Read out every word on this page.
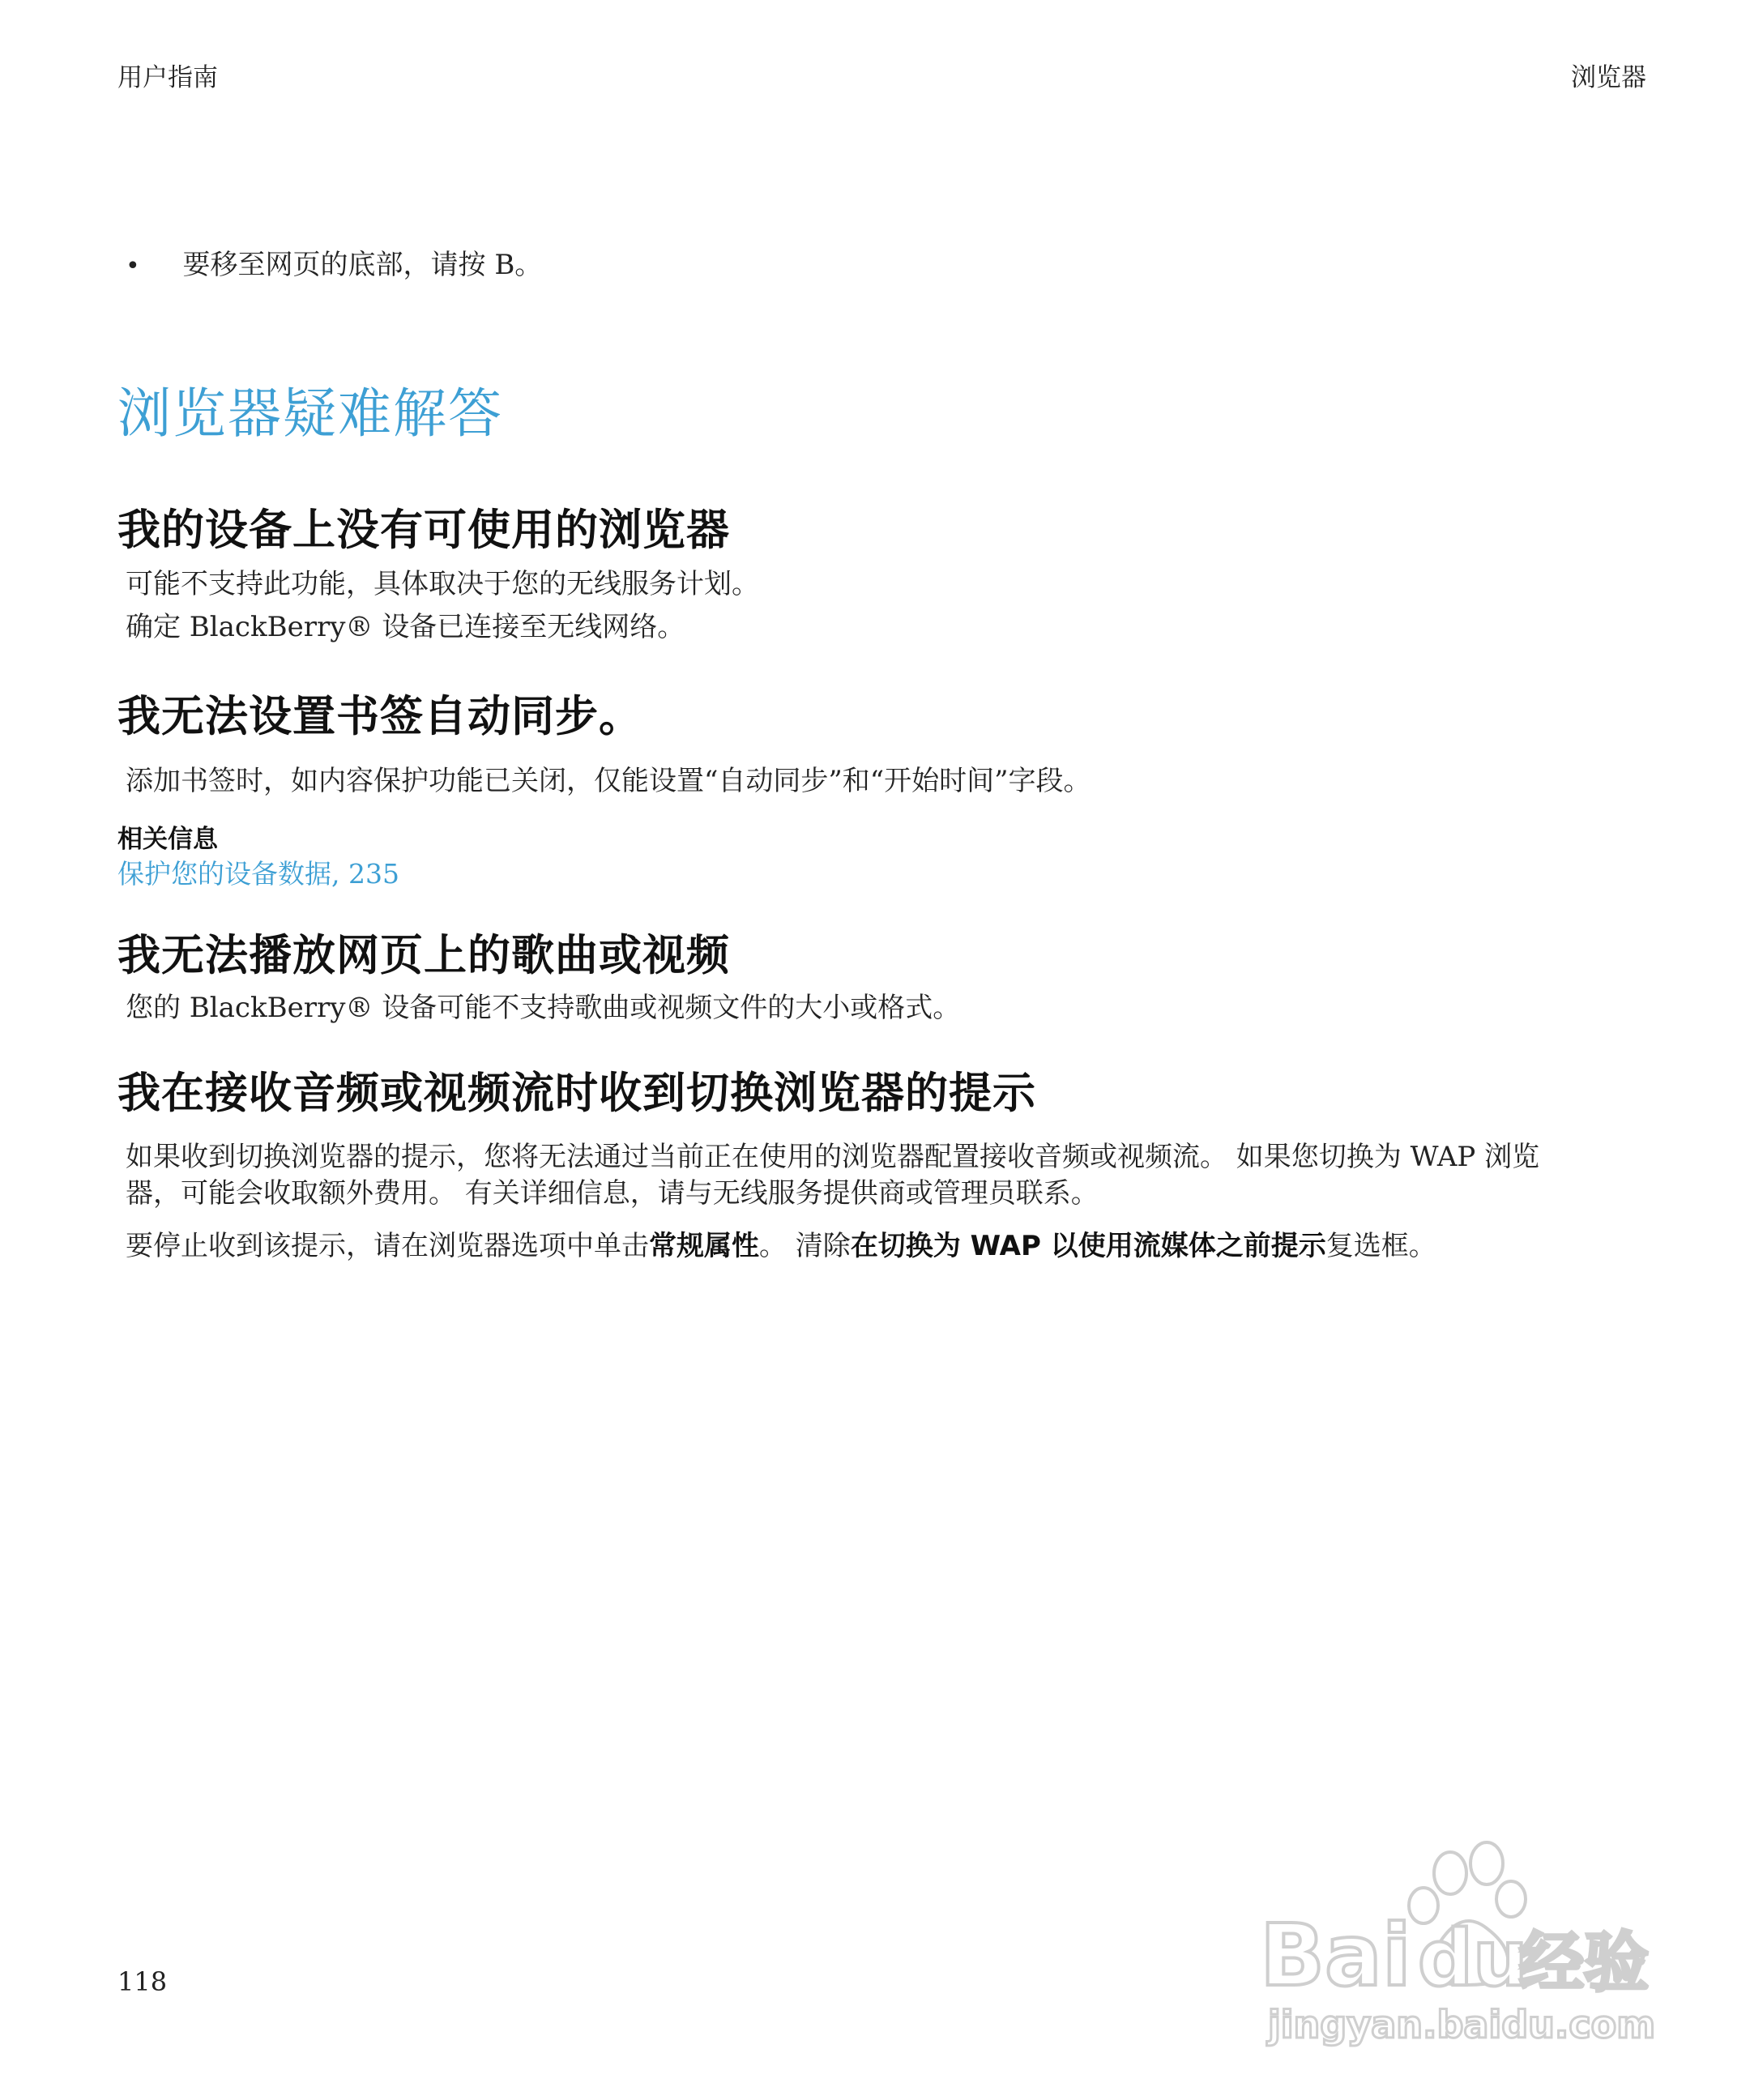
用户指南	浏览器
• 要移至网页的底部，请按 B。
浏览器疑难解答
我的设备上没有可使用的浏览器

可能不支持此功能，具体取决于您的无线服务计划。

确定 BlackBerry® 设备已连接至无线网络。

我无法设置书签自动同步。

添加书签时，如内容保护功能已关闭，仅能设置“自动同步”和“开始时间”字段。

相关信息
保护您的设备数据, 235
我无法播放网页上的歌曲或视频

您的 BlackBerry® 设备可能不支持歌曲或视频文件的大小或格式。

我在接收音频或视频流时收到切换浏览器的提示

如果收到切换浏览器的提示，您将无法通过当前正在使用的浏览器配置接收音频或视频流。 如果您切换为 WAP 浏览

器，可能会收取额外费用。 有关详细信息，请与无线服务提供商或管理员联系。

要停止收到该提示，请在浏览器选项中单击常规属性。 清除在切换为 WAP 以使用流媒体之前提示复选框。

118	Bai du
经验
jingyan.baidu.com
